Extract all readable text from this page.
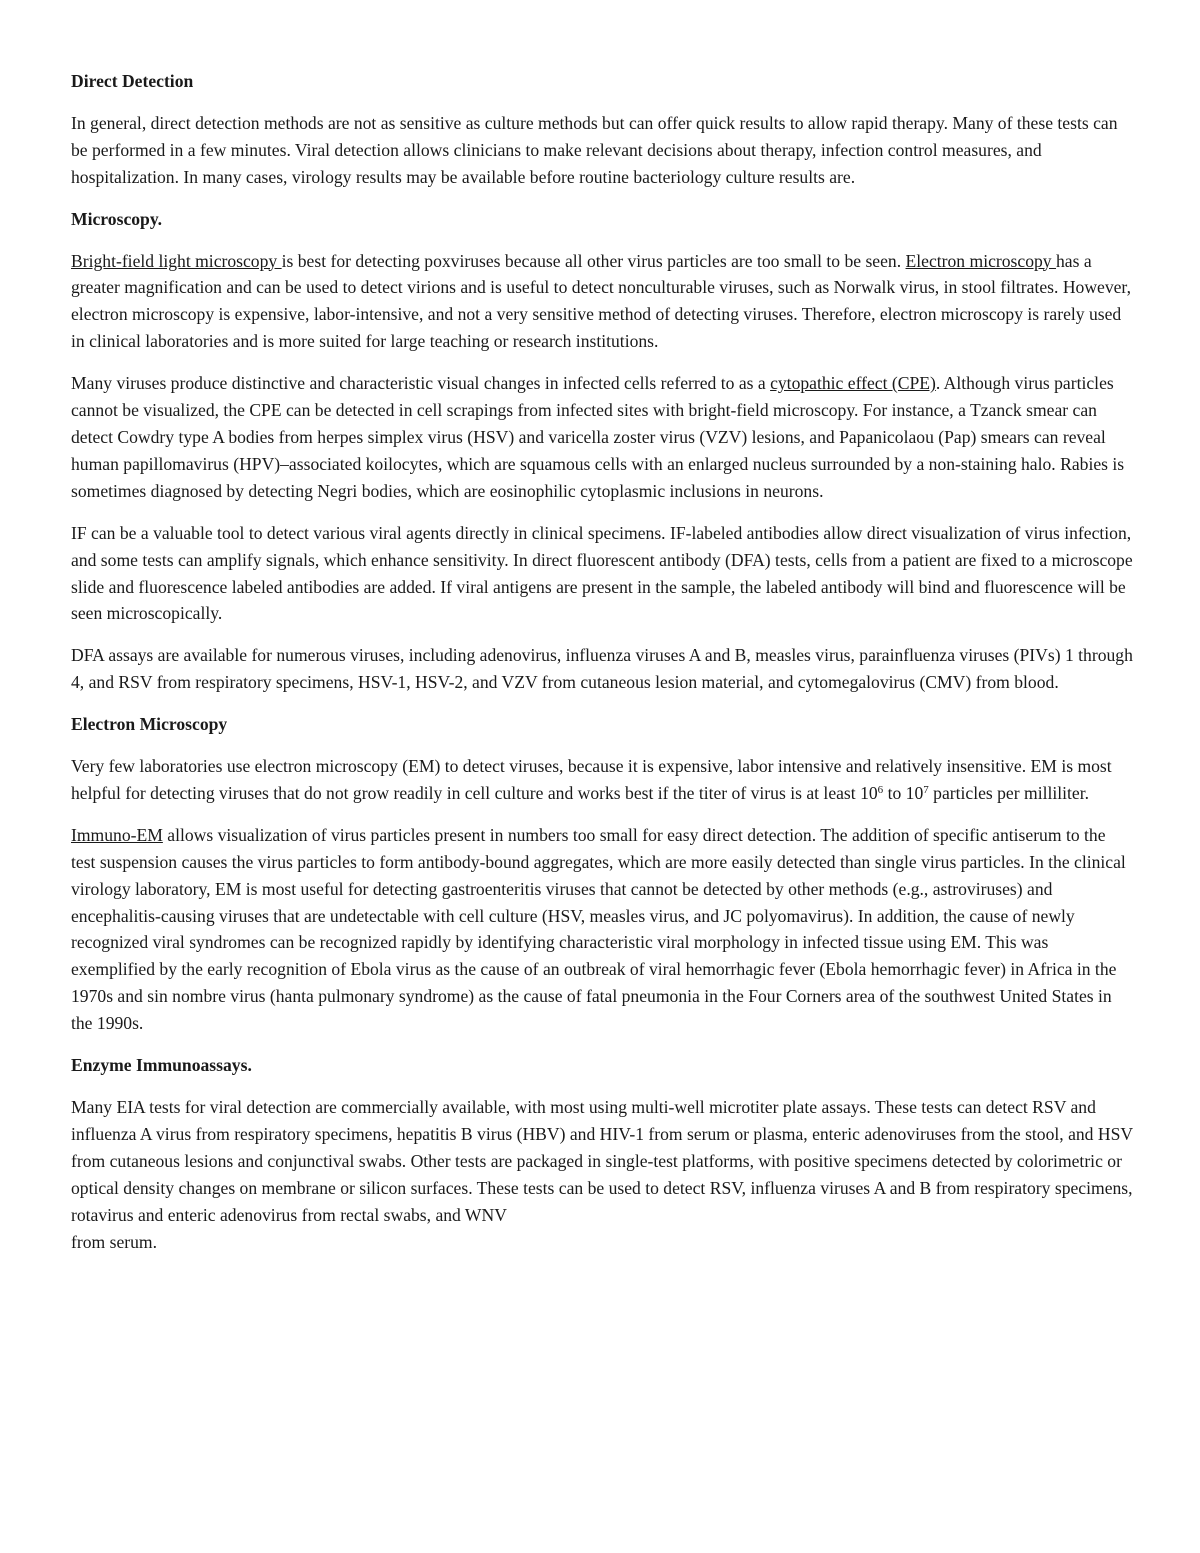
Direct Detection

In general, direct detection methods are not as sensitive as culture methods but can offer quick results to allow rapid therapy. Many of these tests can be performed in a few minutes. Viral detection allows clinicians to make relevant decisions about therapy, infection control measures, and hospitalization. In many cases, virology results may be available before routine bacteriology culture results are.

Microscopy.

Bright-field light microscopy is best for detecting poxviruses because all other virus particles are too small to be seen. Electron microscopy has a greater magnification and can be used to detect virions and is useful to detect nonculturable viruses, such as Norwalk virus, in stool filtrates. However, electron microscopy is expensive, labor-intensive, and not a very sensitive method of detecting viruses. Therefore, electron microscopy is rarely used in clinical laboratories and is more suited for large teaching or research institutions.

Many viruses produce distinctive and characteristic visual changes in infected cells referred to as a cytopathic effect (CPE). Although virus particles cannot be visualized, the CPE can be detected in cell scrapings from infected sites with bright-field microscopy. For instance, a Tzanck smear can detect Cowdry type A bodies from herpes simplex virus (HSV) and varicella zoster virus (VZV) lesions, and Papanicolaou (Pap) smears can reveal human papillomavirus (HPV)–associated koilocytes, which are squamous cells with an enlarged nucleus surrounded by a non-staining halo. Rabies is sometimes diagnosed by detecting Negri bodies, which are eosinophilic cytoplasmic inclusions in neurons.

IF can be a valuable tool to detect various viral agents directly in clinical specimens. IF-labeled antibodies allow direct visualization of virus infection, and some tests can amplify signals, which enhance sensitivity. In direct fluorescent antibody (DFA) tests, cells from a patient are fixed to a microscope slide and fluorescence labeled antibodies are added. If viral antigens are present in the sample, the labeled antibody will bind and fluorescence will be seen microscopically.

DFA assays are available for numerous viruses, including adenovirus, influenza viruses A and B, measles virus, parainfluenza viruses (PIVs) 1 through 4, and RSV from respiratory specimens, HSV-1, HSV-2, and VZV from cutaneous lesion material, and cytomegalovirus (CMV) from blood.

Electron Microscopy

Very few laboratories use electron microscopy (EM) to detect viruses, because it is expensive, labor intensive and relatively insensitive. EM is most helpful for detecting viruses that do not grow readily in cell culture and works best if the titer of virus is at least $10^6$ to $10^7$ particles per milliliter.

Immuno-EM allows visualization of virus particles present in numbers too small for easy direct detection. The addition of specific antiserum to the test suspension causes the virus particles to form antibody-bound aggregates, which are more easily detected than single virus particles. In the clinical virology laboratory, EM is most useful for detecting gastroenteritis viruses that cannot be detected by other methods (e.g., astroviruses) and encephalitis-causing viruses that are undetectable with cell culture (HSV, measles virus, and JC polyomavirus). In addition, the cause of newly recognized viral syndromes can be recognized rapidly by identifying characteristic viral morphology in infected tissue using EM. This was exemplified by the early recognition of Ebola virus as the cause of an outbreak of viral hemorrhagic fever (Ebola hemorrhagic fever) in Africa in the 1970s and sin nombre virus (hanta pulmonary syndrome) as the cause of fatal pneumonia in the Four Corners area of the southwest United States in the 1990s.

Enzyme Immunoassays.

Many EIA tests for viral detection are commercially available, with most using multi-well microtiter plate assays. These tests can detect RSV and influenza A virus from respiratory specimens, hepatitis B virus (HBV) and HIV-1 from serum or plasma, enteric adenoviruses from the stool, and HSV from cutaneous lesions and conjunctival swabs. Other tests are packaged in single-test platforms, with positive specimens detected by colorimetric or optical density changes on membrane or silicon surfaces. These tests can be used to detect RSV, influenza viruses A and B from respiratory specimens, rotavirus and enteric adenovirus from rectal swabs, and WNV
from serum.
